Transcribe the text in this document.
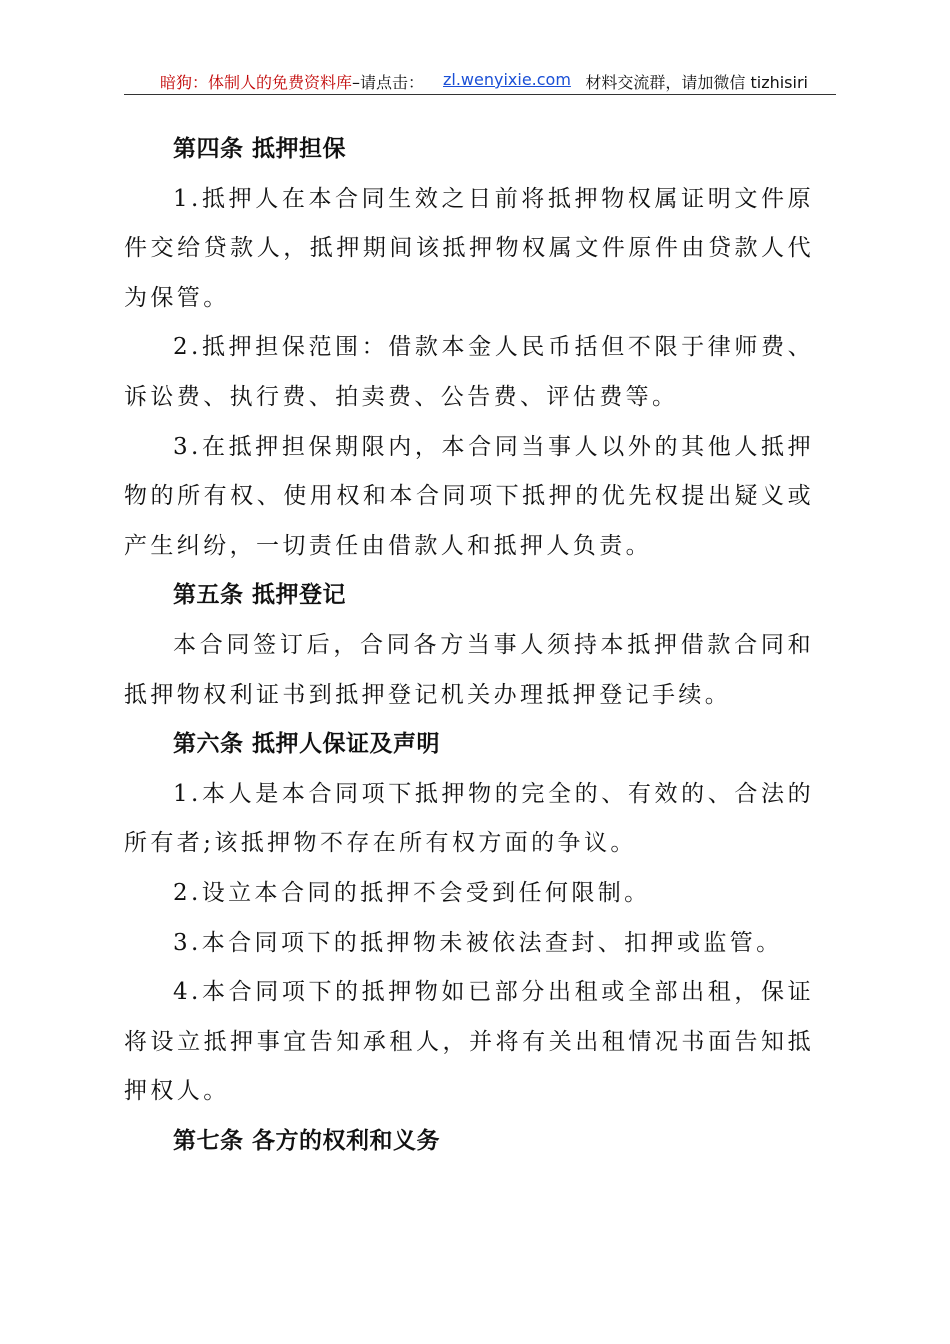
暗狗：体制人的免费资料库–请点击： zl.wenyixie.com 材料交流群，请加微信 tizhisiri

第四条 抵押担保

1.抵押人在本合同生效之日前将抵押物权属证明文件原件交给贷款人，抵押期间该抵押物权属文件原件由贷款人代为保管。

2.抵押担保范围：借款本金人民币括但不限于律师费、诉讼费、执行费、拍卖费、公告费、评估费等。

3.在抵押担保期限内，本合同当事人以外的其他人抵押物的所有权、使用权和本合同项下抵押的优先权提出疑义或产生纠纷，一切责任由借款人和抵押人负责。

第五条 抵押登记

本合同签订后，合同各方当事人须持本抵押借款合同和抵押物权利证书到抵押登记机关办理抵押登记手续。

第六条 抵押人保证及声明

1.本人是本合同项下抵押物的完全的、有效的、合法的所有者;该抵押物不存在所有权方面的争议。

2.设立本合同的抵押不会受到任何限制。

3.本合同项下的抵押物未被依法查封、扣押或监管。

4.本合同项下的抵押物如已部分出租或全部出租，保证将设立抵押事宜告知承租人，并将有关出租情况书面告知抵押权人。

第七条 各方的权利和义务
